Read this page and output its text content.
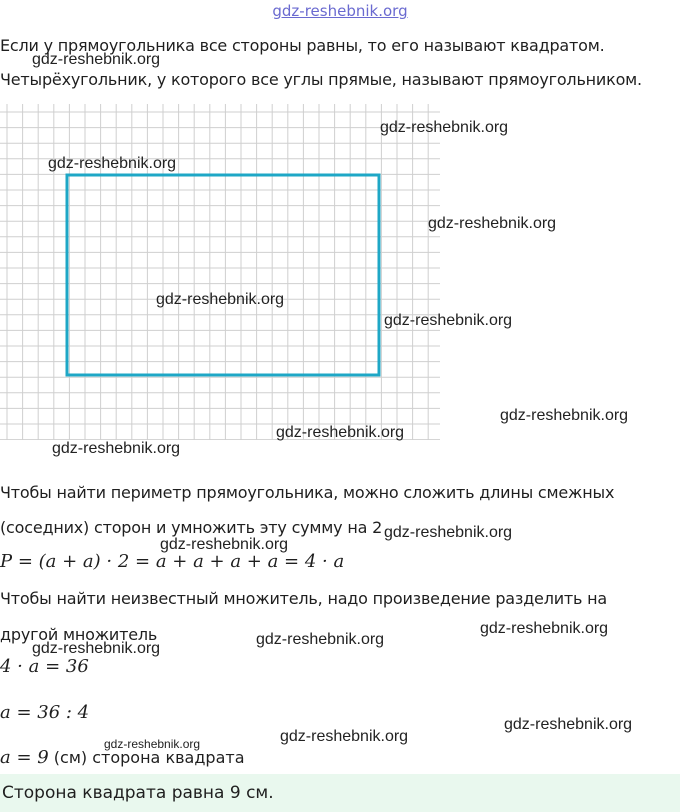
gdz-reshebnik.org
Если у прямоугольника все стороны равны, то его называют квадратом.
Четырёхугольник, у которого все углы прямые, называют прямоугольником.
Чтобы найти периметр прямоугольника, можно сложить длины смежных
(соседних) сторон и умножить эту сумму на 2
P = (a + a) · 2 = a + a + a + a = 4 · a
Чтобы найти неизвестный множитель, надо произведение разделить на
другой множитель
4 · a = 36
a = 36 : 4
a = 9 (см) сторона квадрата
Сторона квадрата равна 9 см.
gdz-reshebnik.org
gdz-reshebnik.org
gdz-reshebnik.org
gdz-reshebnik.org
gdz-reshebnik.org
gdz-reshebnik.org
gdz-reshebnik.org
gdz-reshebnik.org
gdz-reshebnik.org
gdz-reshebnik.org
gdz-reshebnik.org
gdz-reshebnik.org
gdz-reshebnik.org
gdz-reshebnik.org
gdz-reshebnik.org
gdz-reshebnik.org
gdz-reshebnik.org
